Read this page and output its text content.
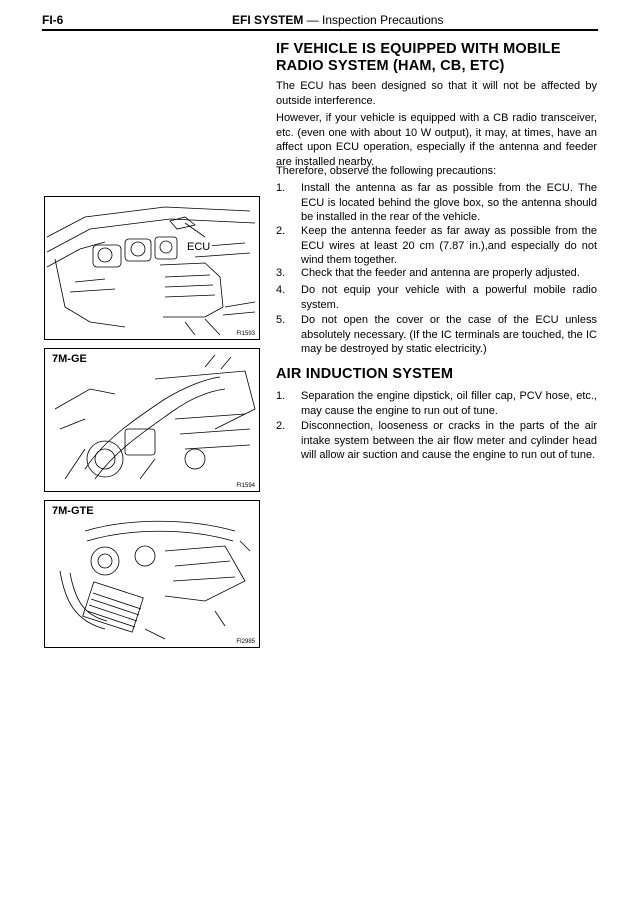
FI-6	EFI SYSTEM — Inspection Precautions
ECU
FI1593
7M-GE
FI1594
7M-GTE
FI2985
IF VEHICLE IS EQUIPPED WITH MOBILE RADIO SYSTEM (HAM, CB, ETC)
The ECU has been designed so that it will not be affected by outside interference.
However, if your vehicle is equipped with a CB radio transceiver, etc. (even one with about 10 W output), it may, at times, have an affect upon ECU operation, especially if the antenna and feeder are installed nearby.
Therefore, observe the following precautions:
1. Install the antenna as far as possible from the ECU. The ECU is located behind the glove box, so the antenna should be installed in the rear of the vehicle.
2. Keep the antenna feeder as far away as possible from the ECU wires at least 20 cm (7.87 in.),and especially do not wind them together.
3. Check that the feeder and antenna are properly adjusted.
4. Do not equip your vehicle with a powerful mobile radio system.
5. Do not open the cover or the case of the ECU unless absolutely necessary. (If the IC terminals are touched, the IC may be destroyed by static electricity.)
AIR INDUCTION SYSTEM
1. Separation the engine dipstick, oil filler cap, PCV hose, etc., may cause the engine to run out of tune.
2. Disconnection, looseness or cracks in the parts of the air intake system between the air flow meter and cylinder head will allow air suction and cause the engine to run out of tune.
